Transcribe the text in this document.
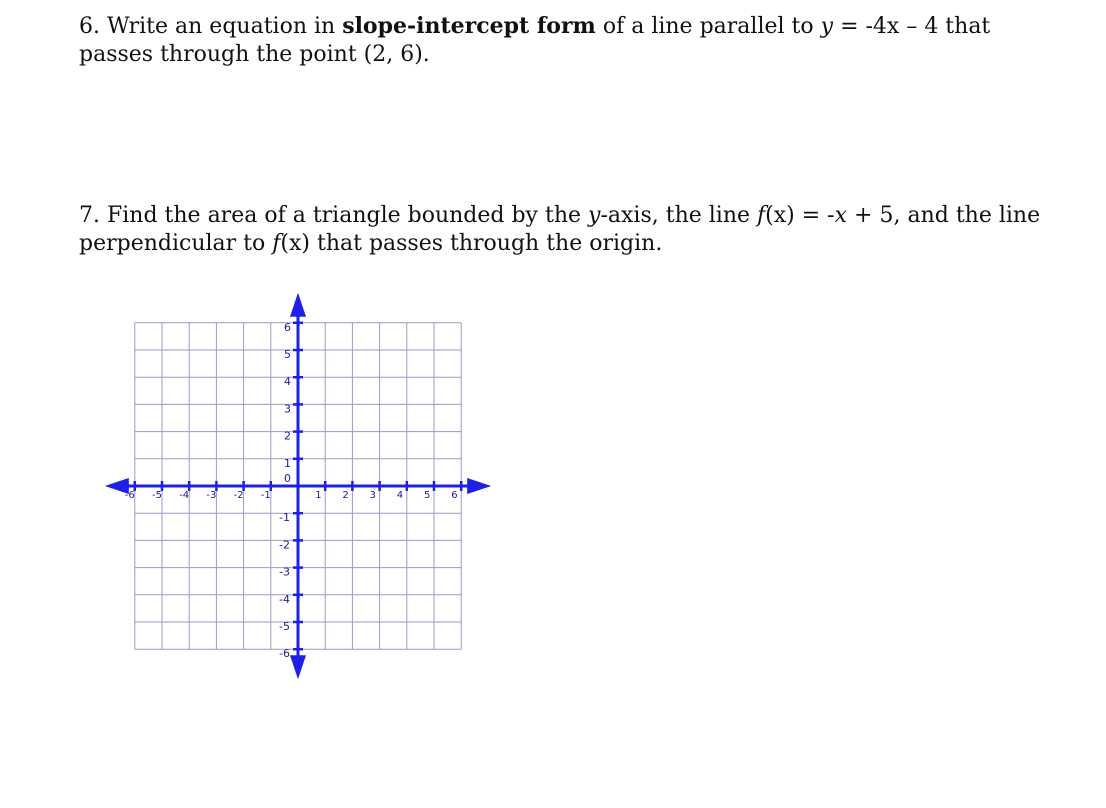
6. Write an equation in slope-intercept form of a line parallel to y = -4x – 4 that
passes through the point (2, 6).
7. Find the area of a triangle bounded by the y-axis, the line f(x) = -x + 5, and the line
perpendicular to f(x) that passes through the origin.
-6 -5 -4 -3 -2 -1	1 2 3 4 5 6
1
2
3
4
5
6
-1
-2
-3
-4
-5
-6
0
